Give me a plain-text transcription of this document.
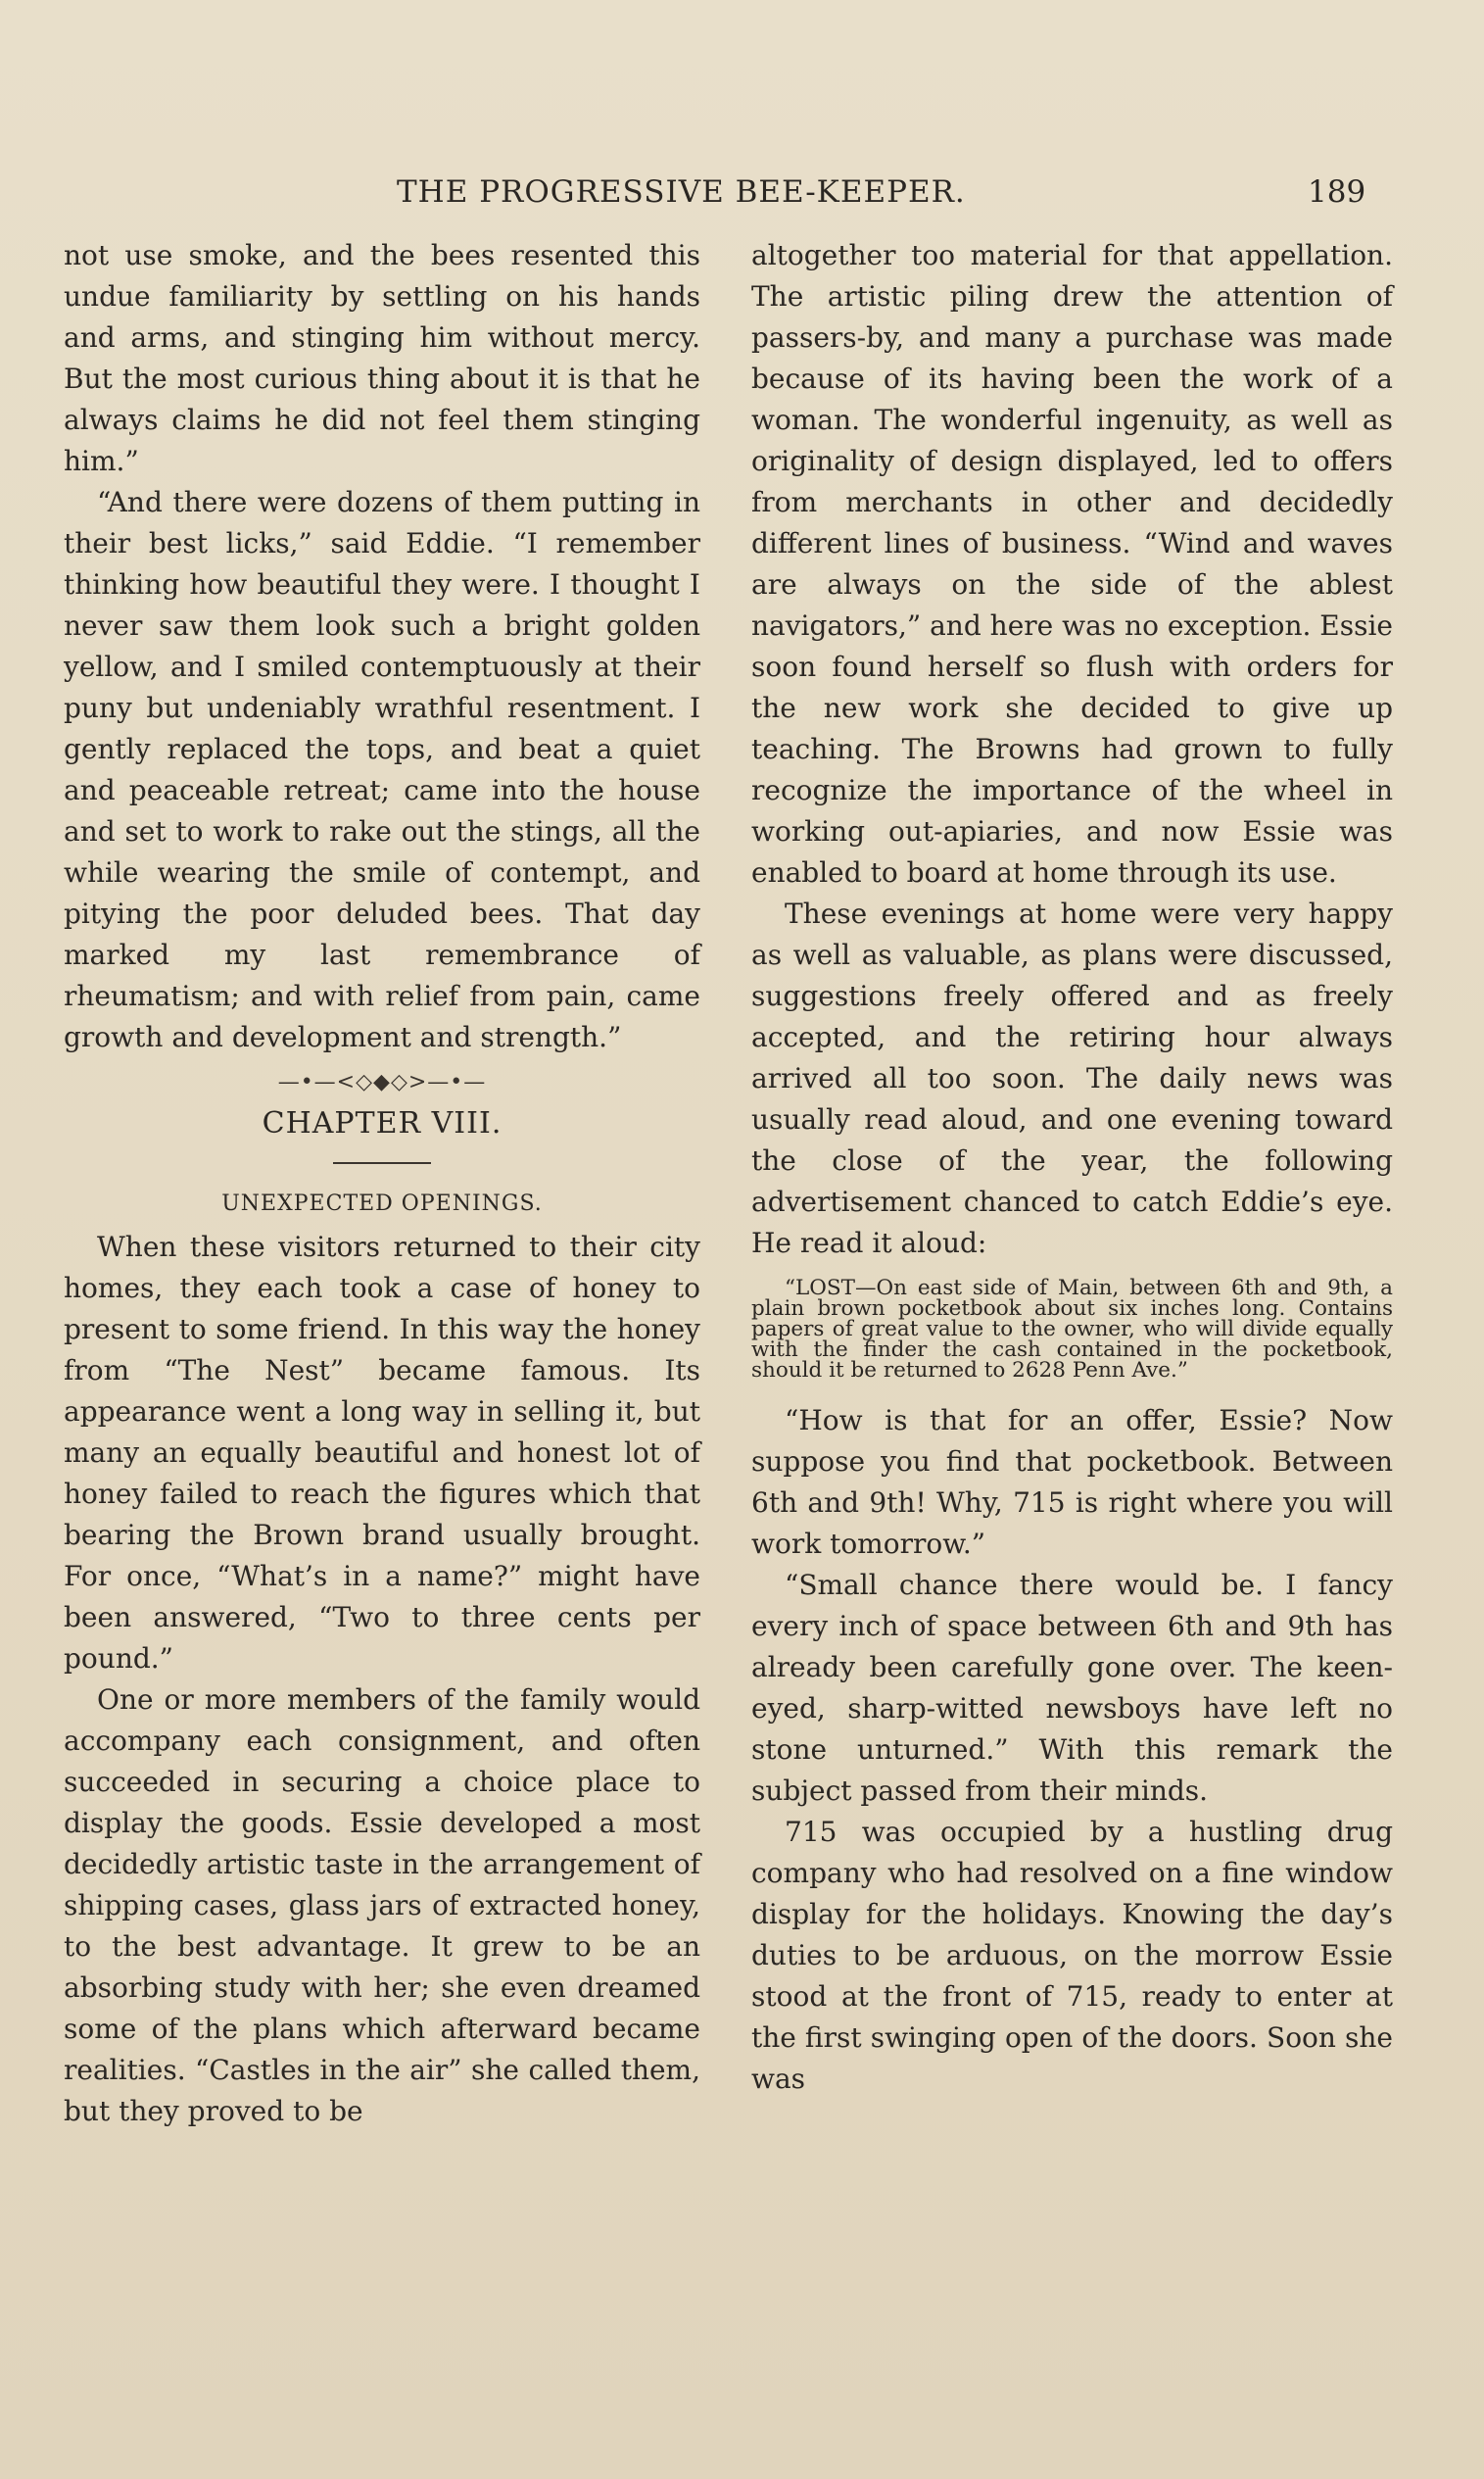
THE PROGRESSIVE BEE-KEEPER.	189

not use smoke, and the bees resented this undue familiarity by settling on his hands and arms, and stinging him without mercy. But the most curious thing about it is that he always claims he did not feel them stinging him.”

“And there were dozens of them putting in their best licks,” said Eddie. “I remember thinking how beautiful they were. I thought I never saw them look such a bright golden yellow, and I smiled contemptuously at their puny but undeniably wrathful resentment. I gently replaced the tops, and beat a quiet and peaceable retreat; came into the house and set to work to rake out the stings, all the while wearing the smile of contempt, and pitying the poor deluded bees. That day marked my last remembrance of rheumatism; and with relief from pain, came growth and development and strength.”

—•—<◇◆◇>—•—
CHAPTER VIII.
UNEXPECTED OPENINGS.

When these visitors returned to their city homes, they each took a case of honey to present to some friend. In this way the honey from “The Nest” became famous. Its appearance went a long way in selling it, but many an equally beautiful and honest lot of honey failed to reach the figures which that bearing the Brown brand usually brought. For once, “What’s in a name?” might have been answered, “Two to three cents per pound.”

One or more members of the family would accompany each consignment, and often succeeded in securing a choice place to display the goods. Essie developed a most decidedly artistic taste in the arrangement of shipping cases, glass jars of extracted honey, to the best advantage. It grew to be an absorbing study with her; she even dreamed some of the plans which afterward became realities. “Castles in the air” she called them, but they proved to be

altogether too material for that appellation. The artistic piling drew the attention of passers-by, and many a purchase was made because of its having been the work of a woman. The wonderful ingenuity, as well as originality of design displayed, led to offers from merchants in other and decidedly different lines of business. “Wind and waves are always on the side of the ablest navigators,” and here was no exception. Essie soon found herself so flush with orders for the new work she decided to give up teaching. The Browns had grown to fully recognize the importance of the wheel in working out-apiaries, and now Essie was enabled to board at home through its use.

These evenings at home were very happy as well as valuable, as plans were discussed, suggestions freely offered and as freely accepted, and the retiring hour always arrived all too soon. The daily news was usually read aloud, and one evening toward the close of the year, the following advertisement chanced to catch Eddie’s eye. He read it aloud:

“LOST—On east side of Main, between 6th and 9th, a plain brown pocketbook about six inches long. Contains papers of great value to the owner, who will divide equally with the finder the cash contained in the pocketbook, should it be returned to 2628 Penn Ave.”

“How is that for an offer, Essie? Now suppose you find that pocketbook. Between 6th and 9th! Why, 715 is right where you will work tomorrow.”

“Small chance there would be. I fancy every inch of space between 6th and 9th has already been carefully gone over. The keen-eyed, sharp-witted newsboys have left no stone unturned.” With this remark the subject passed from their minds.

715 was occupied by a hustling drug company who had resolved on a fine window display for the holidays. Knowing the day’s duties to be arduous, on the morrow Essie stood at the front of 715, ready to enter at the first swinging open of the doors. Soon she was
